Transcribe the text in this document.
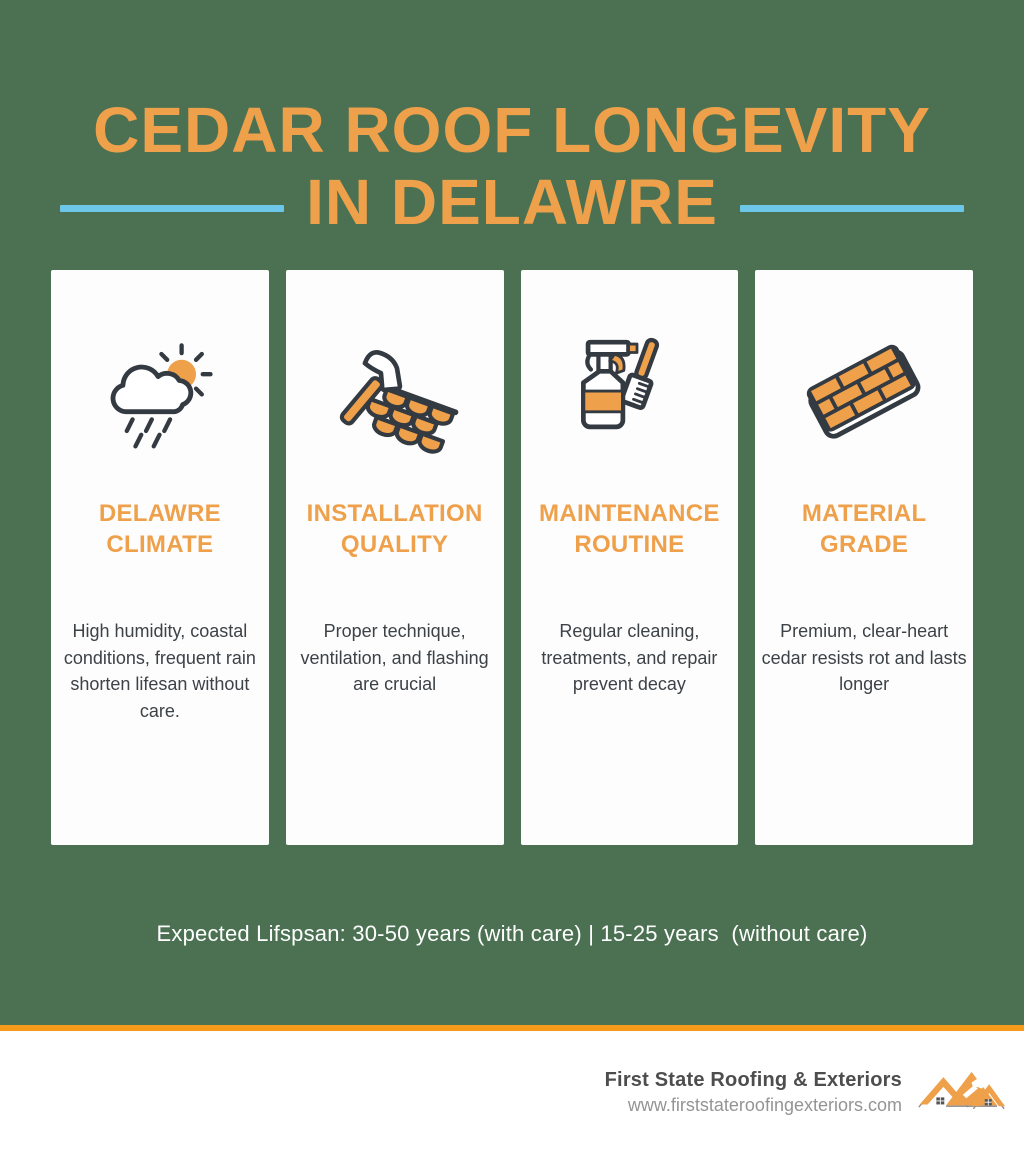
CEDAR ROOF LONGEVITY
IN DELAWRE
DELAWRE
CLIMATE
High humidity, coastal conditions, frequent rain shorten lifesan without care.
INSTALLATION
QUALITY
Proper technique, ventilation, and flashing are crucial
MAINTENANCE
ROUTINE
Regular cleaning, treatments, and repair prevent decay
MATERIAL
GRADE
Premium, clear-heart cedar resists rot and lasts longer
Expected Lifspsan: 30-50 years (with care) | 15-25 years  (without care)
First State Roofing & Exteriors
www.firststateroofingexteriors.com
